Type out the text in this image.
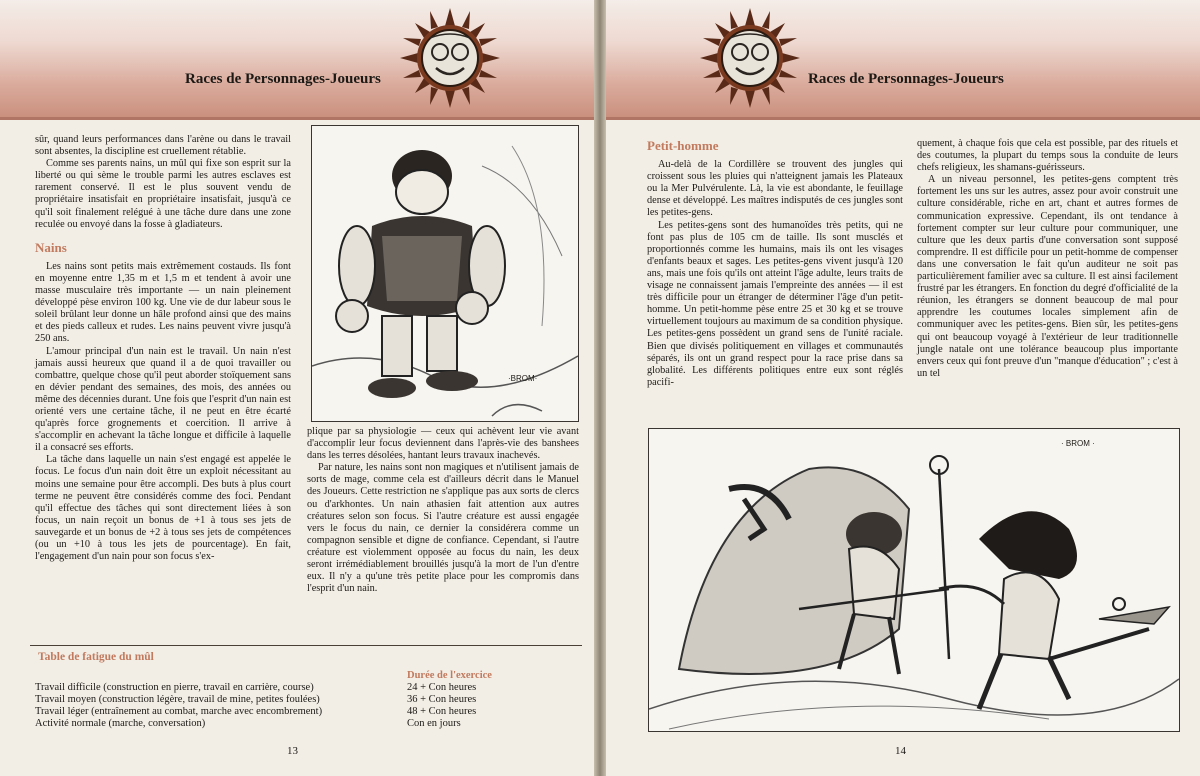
Races de Personnages-Joueurs

sûr, quand leurs performances dans l'arène ou dans le travail sont absentes, la discipline est cruellement rétablie.

Comme ses parents nains, un mûl qui fixe son esprit sur la liberté ou qui sème le trouble parmi les autres esclaves est rarement conservé. Il est le plus souvent vendu de propriétaire insatisfait en propriétaire insatisfait, jusqu'à ce qu'il soit finalement relégué à une tâche dure dans une zone reculée ou envoyé dans la fosse à gladiateurs.

Nains

Les nains sont petits mais extrêmement costauds. Ils font en moyenne entre 1,35 m et 1,5 m et tendent à avoir une masse musculaire très importante — un nain pleinement développé pèse environ 100 kg. Une vie de dur labeur sous le soleil brûlant leur donne un hâle profond ainsi que des mains et des pieds calleux et rudes. Les nains peuvent vivre jusqu'à 250 ans.

L'amour principal d'un nain est le travail. Un nain n'est jamais aussi heureux que quand il a de quoi travailler ou combattre, quelque chose qu'il peut aborder stoïquement sans en dévier pendant des semaines, des mois, des années ou même des décennies durant. Une fois que l'esprit d'un nain est orienté vers une certaine tâche, il ne peut en être écarté qu'après force grognements et coercition. Il arrive à s'accomplir en achevant la tâche longue et difficile à laquelle il a consacré ses efforts.

La tâche dans laquelle un nain s'est engagé est appelée le focus. Le focus d'un nain doit être un exploit nécessitant au moins une semaine pour être accompli. Des buts à plus court terme ne peuvent être considérés comme des foci. Pendant qu'il effectue des tâches qui sont directement liées à son focus, un nain reçoit un bonus de +1 à tous ses jets de sauvegarde et un bonus de +2 à tous ses jets de compétences (ou un +10 à tous les jets de pourcentage). En fait, l'engagement d'un nain pour son focus s'ex-

·BROM·

plique par sa physiologie — ceux qui achèvent leur vie avant d'accomplir leur focus deviennent dans l'après-vie des banshees dans les terres désolées, hantant leurs travaux inachevés.

Par nature, les nains sont non magiques et n'utilisent jamais de sorts de mage, comme cela est d'ailleurs décrit dans le Manuel des Joueurs. Cette restriction ne s'applique pas aux sorts de clercs ou d'arkhontes. Un nain athasien fait attention aux autres créatures selon son focus. Si l'autre créature est aussi engagée vers le focus du nain, ce dernier la considérera comme un compagnon sensible et digne de confiance. Cependant, si l'autre créature est violemment opposée au focus du nain, les deux seront irrémédiablement brouillés jusqu'à la mort de l'un d'entre eux. Il n'y a qu'une très petite place pour les compromis dans l'esprit d'un nain.

Table de fatigue du mûl
Durée de l'exercice
Travail difficile (construction en pierre, travail en carrière, course)	24 + Con heures
Travail moyen (construction légère, travail de mine, petites foulées)	36 + Con heures
Travail léger (entraînement au combat, marche avec encombrement)	48 + Con heures
Activité normale (marche, conversation)	Con en jours
13
Races de Personnages-Joueurs
Petit-homme

Au-delà de la Cordillère se trouvent des jungles qui croissent sous les pluies qui n'atteignent jamais les Plateaux ou la Mer Pulvérulente. Là, la vie est abondante, le feuillage dense et développé. Les maîtres indisputés de ces jungles sont les petites-gens.

Les petites-gens sont des humanoïdes très petits, qui ne font pas plus de 105 cm de taille. Ils sont musclés et proportionnés comme les humains, mais ils ont les visages d'enfants beaux et sages. Les petites-gens vivent jusqu'à 120 ans, mais une fois qu'ils ont atteint l'âge adulte, leurs traits de visage ne connaissent jamais l'empreinte des années — il est très difficile pour un étranger de déterminer l'âge d'un petit-homme. Un petit-homme pèse entre 25 et 30 kg et se trouve virtuellement toujours au maximum de sa condition physique. Les petites-gens possèdent un grand sens de l'unité raciale. Bien que divisés politiquement en villages et communautés séparés, ils ont un grand respect pour la race prise dans sa globalité. Les différents politiques entre eux sont réglés pacifi-

quement, à chaque fois que cela est possible, par des rituels et des coutumes, la plupart du temps sous la conduite de leurs chefs religieux, les shamans-guérisseurs.

A un niveau personnel, les petites-gens comptent très fortement les uns sur les autres, assez pour avoir construit une culture considérable, riche en art, chant et autres formes de communication expressive. Cependant, ils ont tendance à fortement compter sur leur culture pour communiquer, une culture que les deux partis d'une conversation sont supposé comprendre. Il est difficile pour un petit-homme de compenser dans une conversation le fait qu'un auditeur ne soit pas particulièrement familier avec sa culture. Il est ainsi facilement frustré par les étrangers. En fonction du degré d'officialité de la réunion, les étrangers se donnent beaucoup de mal pour apprendre les coutumes locales simplement afin de communiquer avec les petites-gens. Bien sûr, les petites-gens qui ont beaucoup voyagé à l'extérieur de leur traditionnelle jungle natale ont une tolérance beaucoup plus importante envers ceux qui font preuve d'un "manque d'éducation" ; c'est à un tel

· BROM ·
14
